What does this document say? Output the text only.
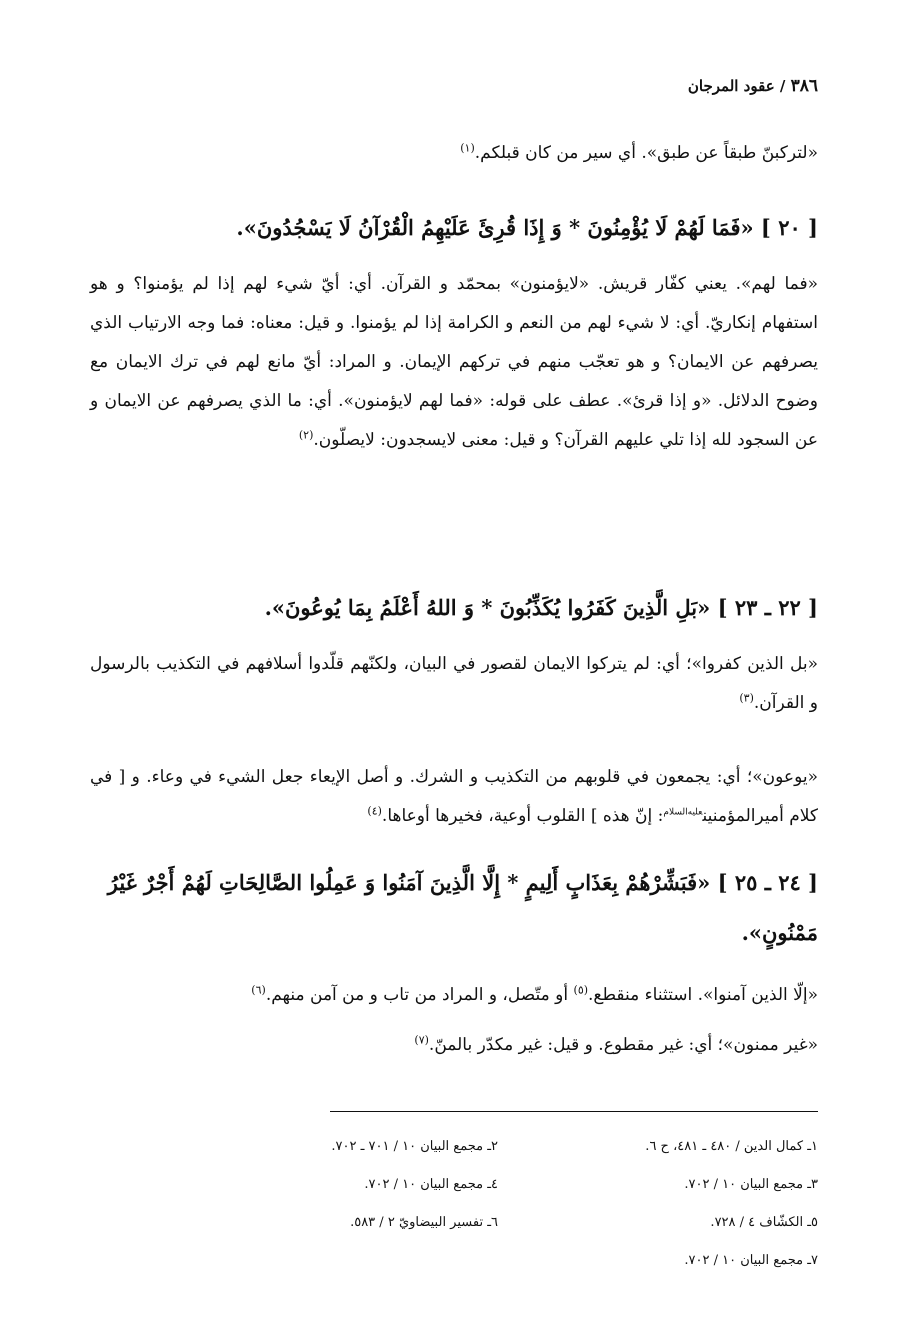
٣٨٦ / عقود المرجان
«لتركبنّ طبقاً عن طبق». أي سير من كان قبلكم.$^{(١)}$
[ ٢٠ ] «فَمَا لَهُمْ لَا يُؤْمِنُونَ * وَ إِذَا قُرِئَ عَلَيْهِمُ الْقُرْآنُ لَا يَسْجُدُونَ».
«فما لهم». يعني كفّار قريش. «لايؤمنون» بمحمّد و القرآن. أي: أيّ شيء لهم إذا لم يؤمنوا؟ و هو استفهام إنكاريّ. أي: لا شيء لهم من النعم و الكرامة إذا لم يؤمنوا. و قيل: معناه: فما وجه الارتياب الذي يصرفهم عن الايمان؟ و هو تعجّب منهم في تركهم الإيمان. و المراد: أيّ مانع لهم في ترك الايمان مع وضوح الدلائل. «و إذا قرئ». عطف على قوله: «فما لهم لايؤمنون». أي: ما الذي يصرفهم عن الايمان و عن السجود لله إذا تلي عليهم القرآن؟ و قيل: معنى لايسجدون: لايصلّون.$^{(٢)}$
[ ٢٢ ـ ٢٣ ] «بَلِ الَّذِينَ كَفَرُوا يُكَذِّبُونَ * وَ اللهُ أَعْلَمُ بِمَا يُوعُونَ».
«بل الذين كفروا»؛ أي: لم يتركوا الايمان لقصور في البيان، ولكنّهم قلّدوا أسلافهم في التكذيب بالرسول و القرآن.$^{(٣)}$
«يوعون»؛ أي: يجمعون في قلوبهم من التكذيب و الشرك. و أصل الإيعاء جعل الشيء في وعاء. و [ في كلام أميرالمؤمنين$^{عليه‌السلام}$: إنّ هذه ] القلوب أوعية، فخيرها أوعاها.$^{(٤)}$
[ ٢٤ ـ ٢٥ ] «فَبَشِّرْهُمْ بِعَذَابٍ أَلِيمٍ * إِلَّا الَّذِينَ آمَنُوا وَ عَمِلُوا الصَّالِحَاتِ لَهُمْ أَجْرٌ غَيْرُ مَمْنُونٍ».
«إلّا الذين آمنوا». استثناء منقطع.$^{(٥)}$ أو متّصل، و المراد من تاب و من آمن منهم.$^{(٦)}$
«غير ممنون»؛ أي: غير مقطوع. و قيل: غير مكدّر بالمنّ.$^{(٧)}$
١ـ كمال الدين / ٤٨٠ ـ ٤٨١، ح ٦.
٢ـ مجمع البيان ١٠ / ٧٠١ ـ ٧٠٢.
٣ـ مجمع البيان ١٠ / ٧٠٢.
٤ـ مجمع البيان ١٠ / ٧٠٢.
٥ـ الكشّاف ٤ / ٧٢٨.
٦ـ تفسير البيضاويّ ٢ / ٥٨٣.
٧ـ مجمع البيان ١٠ / ٧٠٢.
